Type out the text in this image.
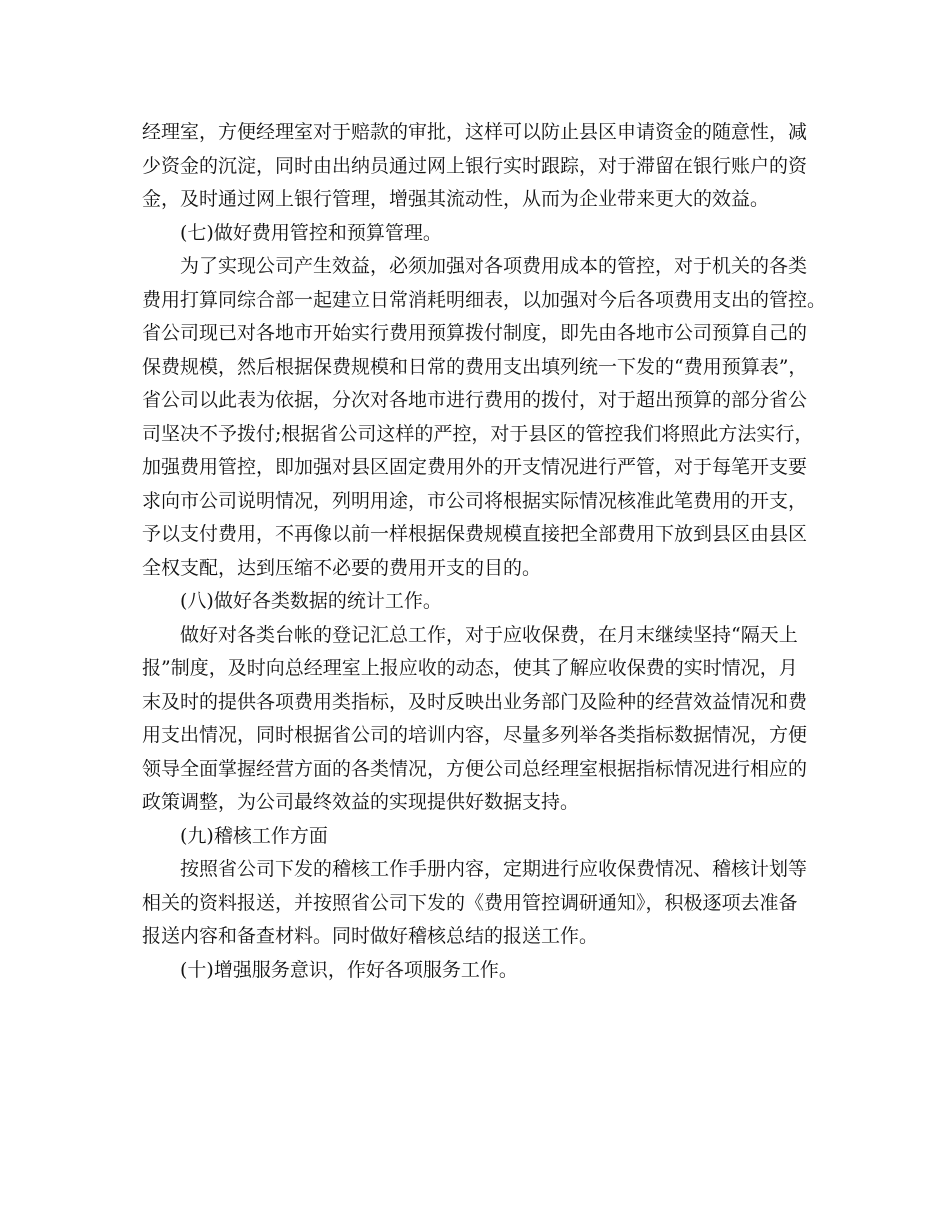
经理室，方便经理室对于赔款的审批，这样可以防止县区申请资金的随意性，减
少资金的沉淀，同时由出纳员通过网上银行实时跟踪，对于滞留在银行账户的资
金，及时通过网上银行管理，增强其流动性，从而为企业带来更大的效益。
(七)做好费用管控和预算管理。
为了实现公司产生效益，必须加强对各项费用成本的管控，对于机关的各类
费用打算同综合部一起建立日常消耗明细表，以加强对今后各项费用支出的管控。
省公司现已对各地市开始实行费用预算拨付制度，即先由各地市公司预算自己的
保费规模，然后根据保费规模和日常的费用支出填列统一下发的“费用预算表”，
省公司以此表为依据，分次对各地市进行费用的拨付，对于超出预算的部分省公
司坚决不予拨付;根据省公司这样的严控，对于县区的管控我们将照此方法实行，
加强费用管控，即加强对县区固定费用外的开支情况进行严管，对于每笔开支要
求向市公司说明情况，列明用途，市公司将根据实际情况核准此笔费用的开支，
予以支付费用，不再像以前一样根据保费规模直接把全部费用下放到县区由县区
全权支配，达到压缩不必要的费用开支的目的。
(八)做好各类数据的统计工作。
做好对各类台帐的登记汇总工作，对于应收保费，在月末继续坚持“隔天上
报”制度，及时向总经理室上报应收的动态，使其了解应收保费的实时情况，月
末及时的提供各项费用类指标，及时反映出业务部门及险种的经营效益情况和费
用支出情况，同时根据省公司的培训内容，尽量多列举各类指标数据情况，方便
领导全面掌握经营方面的各类情况，方便公司总经理室根据指标情况进行相应的
政策调整，为公司最终效益的实现提供好数据支持。
(九)稽核工作方面
按照省公司下发的稽核工作手册内容，定期进行应收保费情况、稽核计划等
相关的资料报送，并按照省公司下发的《费用管控调研通知》，积极逐项去准备
报送内容和备查材料。同时做好稽核总结的报送工作。
(十)增强服务意识，作好各项服务工作。
